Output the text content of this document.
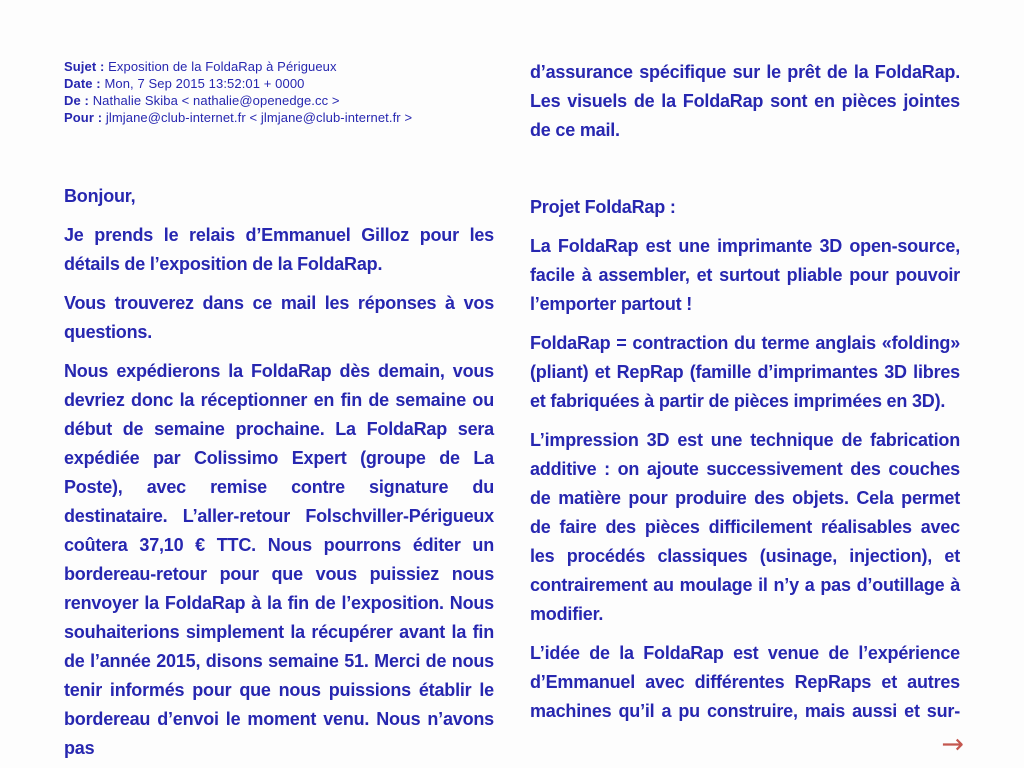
Sujet : Exposition de la FoldaRap à Périgueux
Date : Mon, 7 Sep 2015 13:52:01 + 0000
De : Nathalie Skiba < nathalie@openedge.cc >
Pour : jlmjane@club-internet.fr < jlmjane@club-internet.fr >

Bonjour,

Je prends le relais d’Emmanuel Gilloz pour les détails de l’exposition de la FoldaRap.

Vous trouverez dans ce mail les réponses à vos questions.

Nous expédierons la FoldaRap dès demain, vous devriez donc la réceptionner en fin de semaine ou début de semaine prochaine. La FoldaRap sera expédiée par Colissimo Expert (groupe de La Poste), avec remise contre signature du destinataire. L’aller-retour Folschviller-Périgueux coûtera 37,10 € TTC. Nous pourrons éditer un bordereau-retour pour que vous puissiez nous renvoyer la FoldaRap à la fin de l’exposition. Nous souhaiterions simplement la récupérer avant la fin de l’année 2015, disons semaine 51. Merci de nous tenir informés pour que nous puissions établir le bordereau d’envoi le moment venu. Nous n’avons pas

d’assurance spécifique sur le prêt de la FoldaRap. Les visuels de la FoldaRap sont en pièces jointes de ce mail.

Projet FoldaRap :

La FoldaRap est une imprimante 3D open-source, facile à assembler, et surtout pliable pour pouvoir l’emporter partout !

FoldaRap = contraction du terme anglais «folding» (pliant) et RepRap (famille d’imprimantes 3D libres et fabriquées à partir de pièces imprimées en 3D).

L’impression 3D est une technique de fabrication additive : on ajoute successivement des couches de matière pour produire des objets. Cela permet de faire des pièces difficilement réalisables avec les procédés classiques (usinage, injection), et contrairement au moulage il n’y a pas d’outillage à modifier.

L’idée de la FoldaRap est venue de l’expérience d’Emmanuel avec différentes RepRaps et autres machines qu’il a pu construire, mais aussi et sur-

→
